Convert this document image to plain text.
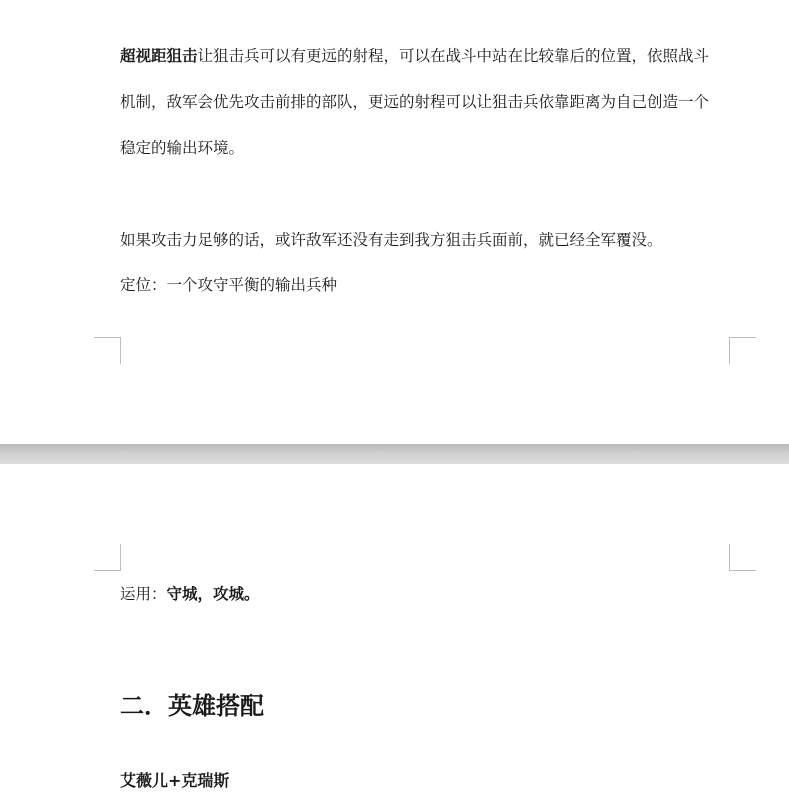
超视距狙击让狙击兵可以有更远的射程，可以在战斗中站在比较靠后的位置，依照战斗

机制，敌军会优先攻击前排的部队，更远的射程可以让狙击兵依靠距离为自己创造一个

稳定的输出环境。

如果攻击力足够的话，或许敌军还没有走到我方狙击兵面前，就已经全军覆没。

定位：一个攻守平衡的输出兵种

运用：守城，攻城。

二．英雄搭配
艾薇儿+克瑞斯
